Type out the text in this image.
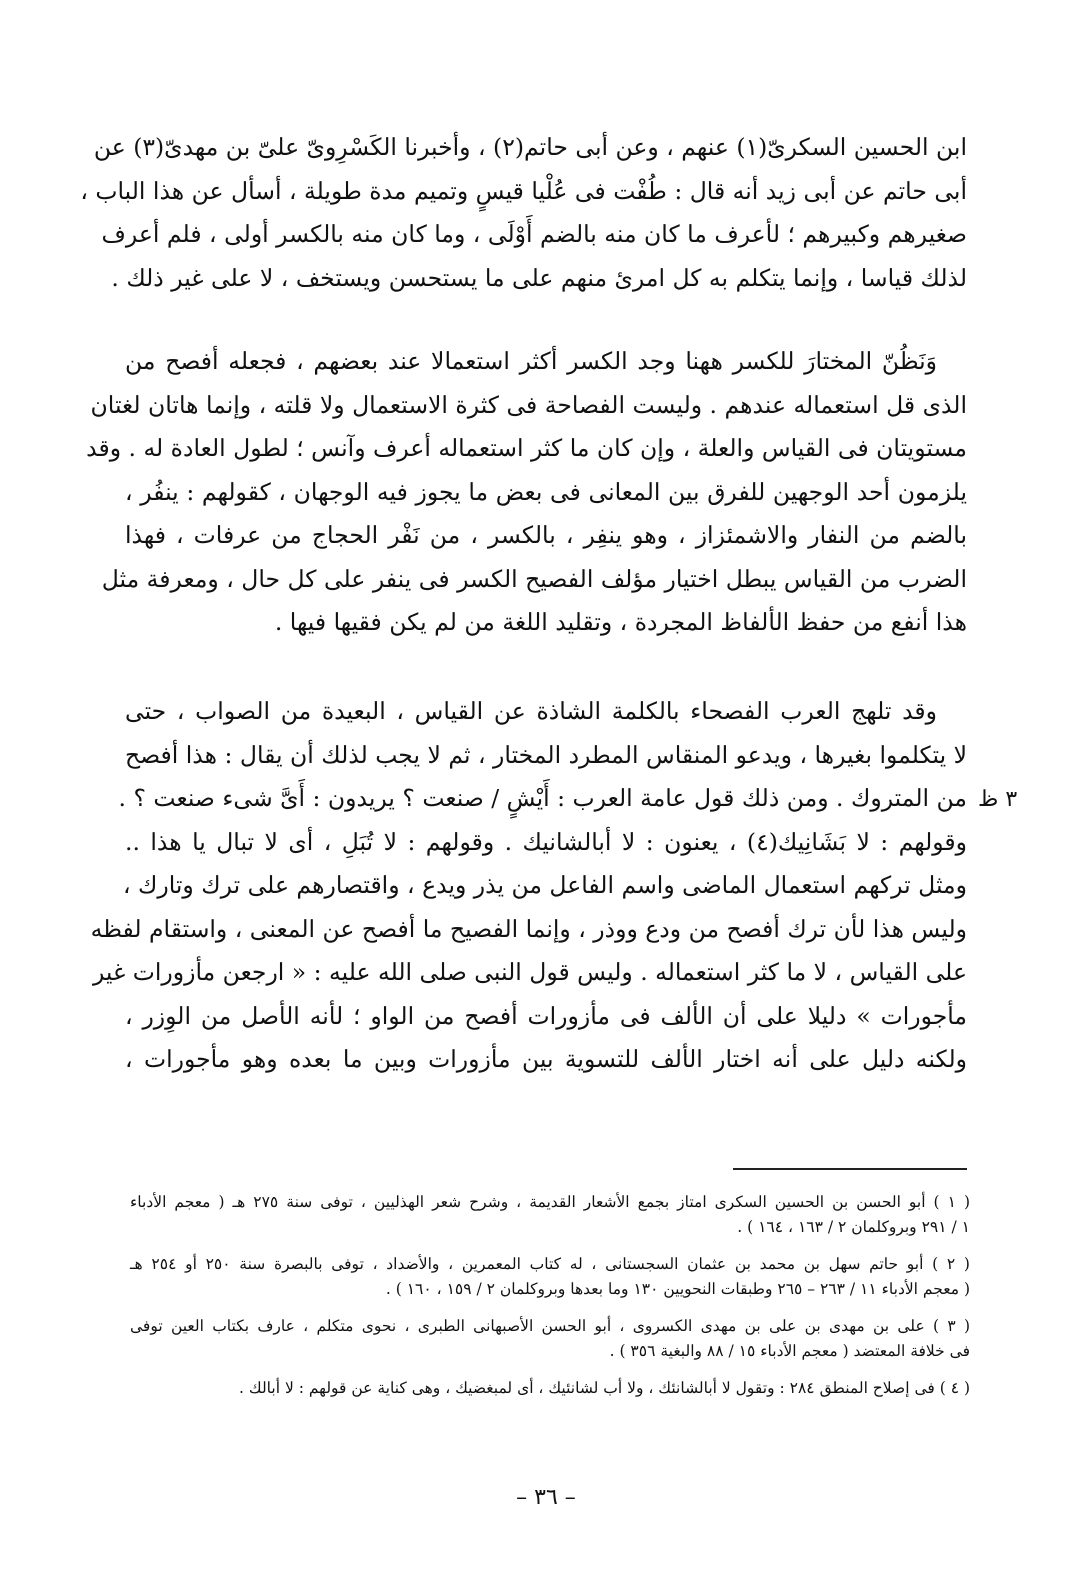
ابن الحسين السكرىّ(١) عنهم ، وعن أبى حاتم(٢) ، وأخبرنا الكَسْرِوىّ علىّ بن مهدىّ(٣) عن
أبى حاتم عن أبى زيد أنه قال : طُفْت فى عُلْيا قيسٍ وتميم مدة طويلة ، أسأل عن هذا الباب ،
صغيرهم وكبيرهم ؛ لأعرف ما كان منه بالضم أَوْلَى ، وما كان منه بالكسر أولى ، فلم أعرف
لذلك قياسا ، وإنما يتكلم به كل امرئ منهم على ما يستحسن ويستخف ، لا على غير ذلك .
وَنَظُنّ المختارَ للكسر ههنا وجد الكسر أكثر استعمالا عند بعضهم ، فجعله أفصح من
الذى قل استعماله عندهم . وليست الفصاحة فى كثرة الاستعمال ولا قلته ، وإنما هاتان لغتان
مستويتان فى القياس والعلة ، وإن كان ما كثر استعماله أعرف وآنس ؛ لطول العادة له . وقد
يلزمون أحد الوجهين للفرق بين المعانى فى بعض ما يجوز فيه الوجهان ، كقولهم : ينفُر ،
بالضم من النفار والاشمئزاز ، وهو ينفِر ، بالكسر ، من نَفْر الحجاج من عرفات ، فهذا
الضرب من القياس يبطل اختيار مؤلف الفصيح الكسر فى ينفر على كل حال ، ومعرفة مثل
هذا أنفع من حفظ الألفاظ المجردة ، وتقليد اللغة من لم يكن فقيها فيها .
وقد تلهج العرب الفصحاء بالكلمة الشاذة عن القياس ، البعيدة من الصواب ، حتى
لا يتكلموا بغيرها ، ويدعو المنقاس المطرد المختار ، ثم لا يجب لذلك أن يقال : هذا أفصح
من المتروك . ومن ذلك قول عامة العرب : أَيْشٍ / صنعت ؟ يريدون : أَىَّ شىء صنعت ؟ .
وقولهم : لا بَشَانِيك(٤) ، يعنون : لا أبالشانيك . وقولهم : لا تُبَلِ ، أى لا تبال يا هذا ..
ومثل تركهم استعمال الماضى واسم الفاعل من يذر ويدع ، واقتصارهم على ترك وتارك ،
وليس هذا لأن ترك أفصح من ودع ووذر ، وإنما الفصيح ما أفصح عن المعنى ، واستقام لفظه
على القياس ، لا ما كثر استعماله . وليس قول النبى صلى الله عليه : « ارجعن مأزورات غير
مأجورات » دليلا على أن الألف فى مأزورات أفصح من الواو ؛ لأنه الأصل من الوِزر ،
ولكنه دليل على أنه اختار الألف للتسوية بين مأزورات وبين ما بعده وهو مأجورات ،
٣ ظ
( ١ ) أبو الحسن بن الحسين السكرى امتاز بجمع الأشعار القديمة ، وشرح شعر الهذليين ، توفى سنة ٢٧٥ هـ ( معجم الأدباء
١ / ٢٩١ وبروكلمان ٢ / ١٦٣ ، ١٦٤ ) .
( ٢ ) أبو حاتم سهل بن محمد بن عثمان السجستانى ، له كتاب المعمرين ، والأضداد ، توفى بالبصرة سنة ٢٥٠ أو ٢٥٤ هـ
( معجم الأدباء ١١ / ٢٦٣ – ٢٦٥ وطبقات النحويين ١٣٠ وما بعدها وبروكلمان ٢ / ١٥٩ ، ١٦٠ ) .
( ٣ ) على بن مهدى بن على بن مهدى الكسروى ، أبو الحسن الأصبهانى الطبرى ، نحوى متكلم ، عارف بكتاب العين توفى
فى خلافة المعتضد ( معجم الأدباء ١٥ / ٨٨ والبغية ٣٥٦ ) .
( ٤ ) فى إصلاح المنطق ٢٨٤ : وتقول لا أبالشانئك ، ولا أب لشانئيك ، أى لمبغضيك ، وهى كناية عن قولهم : لا أبالك .
– ٣٦ –
